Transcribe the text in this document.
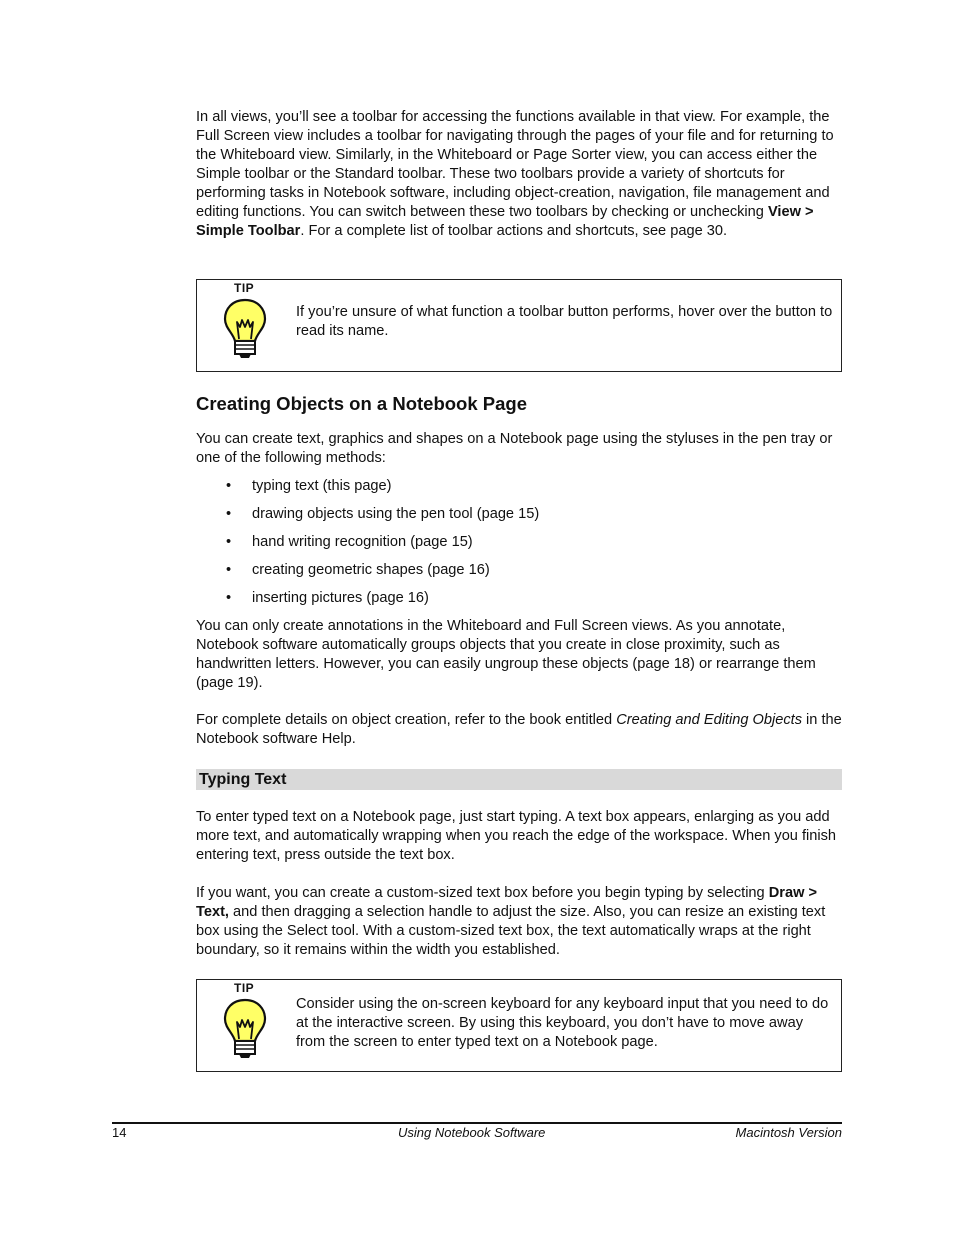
In all views, you’ll see a toolbar for accessing the functions available in that view. For example, the Full Screen view includes a toolbar for navigating through the pages of your file and for returning to the Whiteboard view. Similarly, in the Whiteboard or Page Sorter view, you can access either the Simple toolbar or the Standard toolbar. These two toolbars provide a variety of shortcuts for performing tasks in Notebook software, including object-creation, navigation, file management and editing functions. You can switch between these two toolbars by checking or unchecking View > Simple Toolbar. For a complete list of toolbar actions and shortcuts, see page 30.

TIP
If you’re unsure of what function a toolbar button performs, hover over the button to read its name.
Creating Objects on a Notebook Page

You can create text, graphics and shapes on a Notebook page using the styluses in the pen tray or one of the following methods:

• typing text (this page)
• drawing objects using the pen tool (page 15)
• hand writing recognition (page 15)
• creating geometric shapes (page 16)
• inserting pictures (page 16)

You can only create annotations in the Whiteboard and Full Screen views. As you annotate, Notebook software automatically groups objects that you create in close proximity, such as handwritten letters. However, you can easily ungroup these objects (page 18) or rearrange them (page 19).

For complete details on object creation, refer to the book entitled Creating and Editing Objects in the Notebook software Help.

Typing Text

To enter typed text on a Notebook page, just start typing. A text box appears, enlarging as you add more text, and automatically wrapping when you reach the edge of the workspace. When you finish entering text, press outside the text box.

If you want, you can create a custom-sized text box before you begin typing by selecting Draw > Text, and then dragging a selection handle to adjust the size. Also, you can resize an existing text box using the Select tool. With a custom-sized text box, the text automatically wraps at the right boundary, so it remains within the width you established.

TIP
Consider using the on-screen keyboard for any keyboard input that you need to do at the interactive screen. By using this keyboard, you don’t have to move away from the screen to enter typed text on a Notebook page.
14	Using Notebook Software	Macintosh Version
